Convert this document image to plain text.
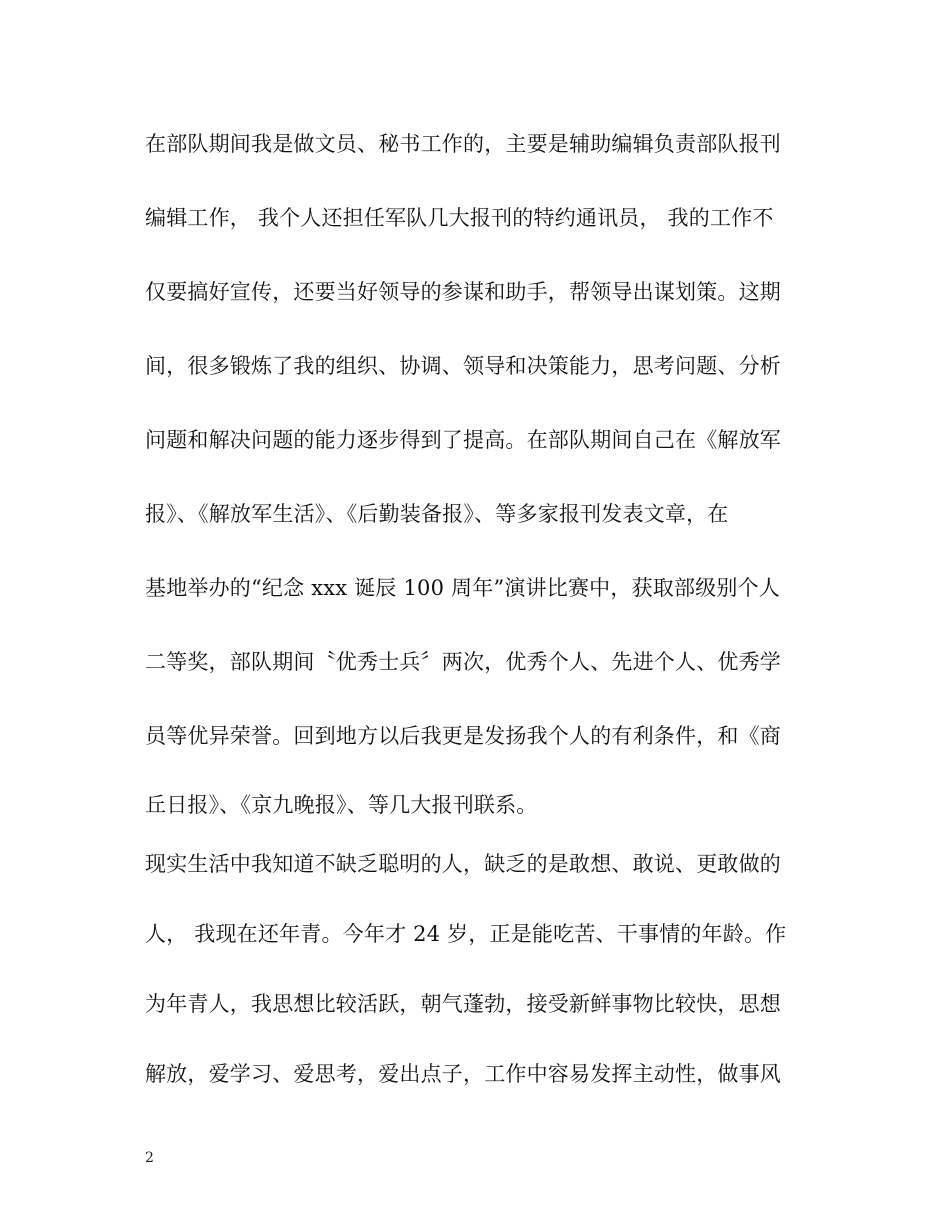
在部队期间我是做文员、秘书工作的，主要是辅助编辑负责部队报刊
编辑工作， 我个人还担任军队几大报刊的特约通讯员， 我的工作不
仅要搞好宣传，还要当好领导的参谋和助手，帮领导出谋划策。这期
间，很多锻炼了我的组织、协调、领导和决策能力，思考问题、分析
问题和解决问题的能力逐步得到了提高。在部队期间自己在《解放军
报》、《解放军生活》、《后勤装备报》、等多家报刊发表文章，在
基地举办的“纪念 xxx 诞辰 100 周年”演讲比赛中，获取部级别个人
二等奖，部队期间〝优秀士兵〞两次，优秀个人、先进个人、优秀学
员等优异荣誉。回到地方以后我更是发扬我个人的有利条件，和《商
丘日报》、《京九晚报》、等几大报刊联系。
现实生活中我知道不缺乏聪明的人，缺乏的是敢想、敢说、更敢做的
人， 我现在还年青。今年才 24 岁，正是能吃苦、干事情的年龄。作
为年青人，我思想比较活跃，朝气蓬勃，接受新鲜事物比较快，思想
解放，爱学习、爱思考，爱出点子，工作中容易发挥主动性，做事风
2
